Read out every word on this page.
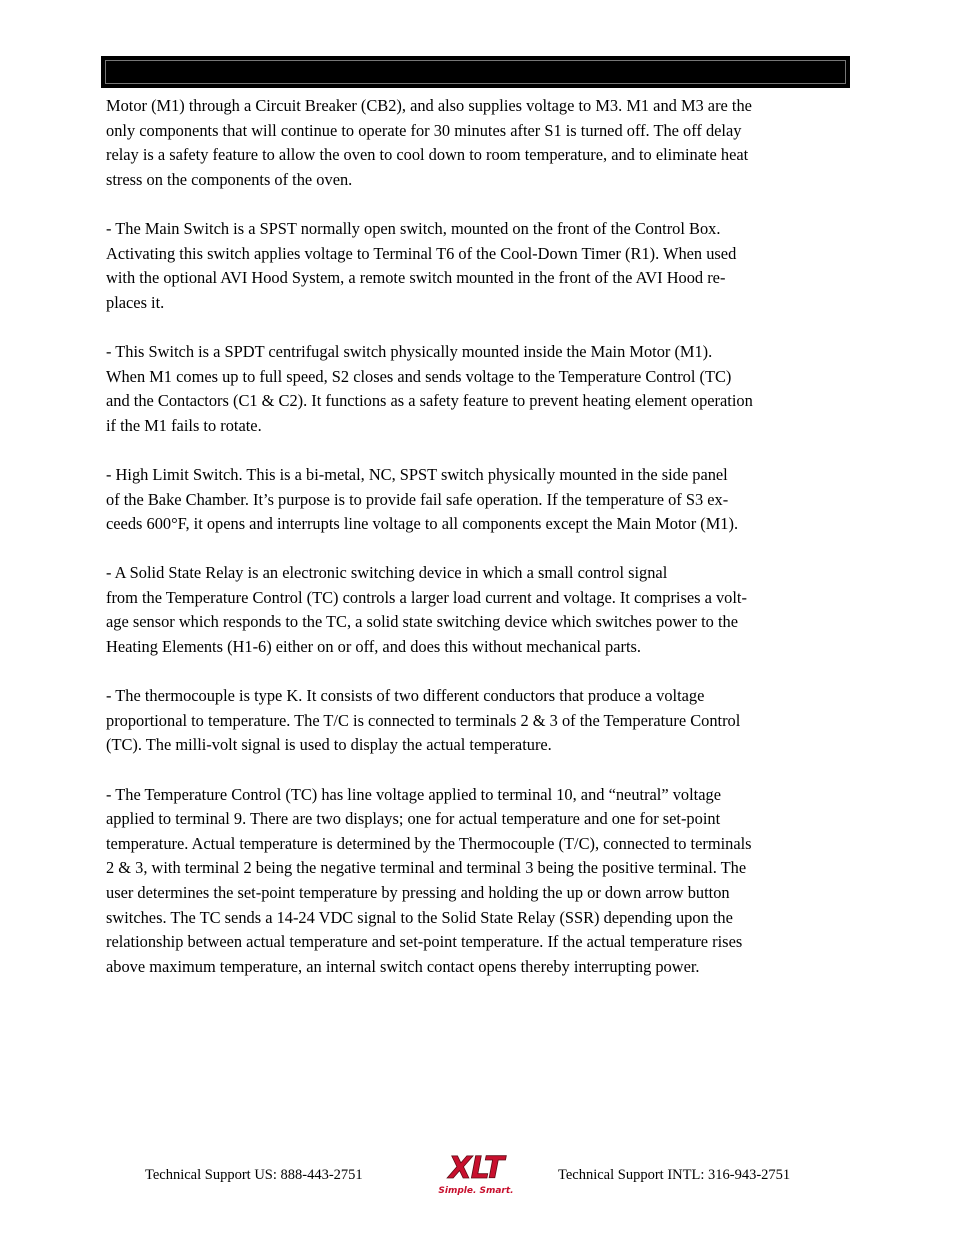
Motor (M1) through a Circuit Breaker (CB2), and also supplies voltage to M3. M1 and M3 are the
only components that will continue to operate for 30 minutes after S1 is turned off. The off delay
relay is a safety feature to allow the oven to cool down to room temperature, and to eliminate heat
stress on the components of the oven.

- The Main Switch is a SPST normally open switch, mounted on the front of the Control Box.
Activating this switch applies voltage to Terminal T6 of the Cool-Down Timer (R1). When used
with the optional AVI Hood System, a remote switch mounted in the front of the AVI Hood re-
places it.

- This Switch is a SPDT centrifugal switch physically mounted inside the Main Motor (M1).
When M1 comes up to full speed, S2 closes and sends voltage to the Temperature Control (TC)
and the Contactors (C1 & C2). It functions as a safety feature to prevent heating element operation
if the M1 fails to rotate.

- High Limit Switch. This is a bi-metal, NC, SPST switch physically mounted in the side panel
of the Bake Chamber. It’s purpose is to provide fail safe operation. If the temperature of S3 ex-
ceeds 600°F, it opens and interrupts line voltage to all components except the Main Motor (M1).

- A Solid State Relay is an electronic switching device in which a small control signal
from the Temperature Control (TC) controls a larger load current and voltage. It comprises a volt-
age sensor which responds to the TC, a solid state switching device which switches power to the
Heating Elements (H1-6) either on or off, and does this without mechanical parts.

- The thermocouple is type K. It consists of two different conductors that produce a voltage
proportional to temperature. The T/C is connected to terminals 2 & 3 of the Temperature Control
(TC). The milli-volt signal is used to display the actual temperature.

- The Temperature Control (TC) has line voltage applied to terminal 10, and “neutral” voltage
applied to terminal 9. There are two displays; one for actual temperature and one for set-point
temperature. Actual temperature is determined by the Thermocouple (T/C), connected to terminals
2 & 3, with terminal 2 being the negative terminal and terminal 3 being the positive terminal. The
user determines the set-point temperature by pressing and holding the up or down arrow button
switches. The TC sends a 14-24 VDC signal to the Solid State Relay (SSR) depending upon the
relationship between actual temperature and set-point temperature. If the actual temperature rises
above maximum temperature, an internal switch contact opens thereby interrupting power.

Technical Support US: 888-443-2751	XLT
Simple. Smart.
Technical Support INTL: 316-943-2751
